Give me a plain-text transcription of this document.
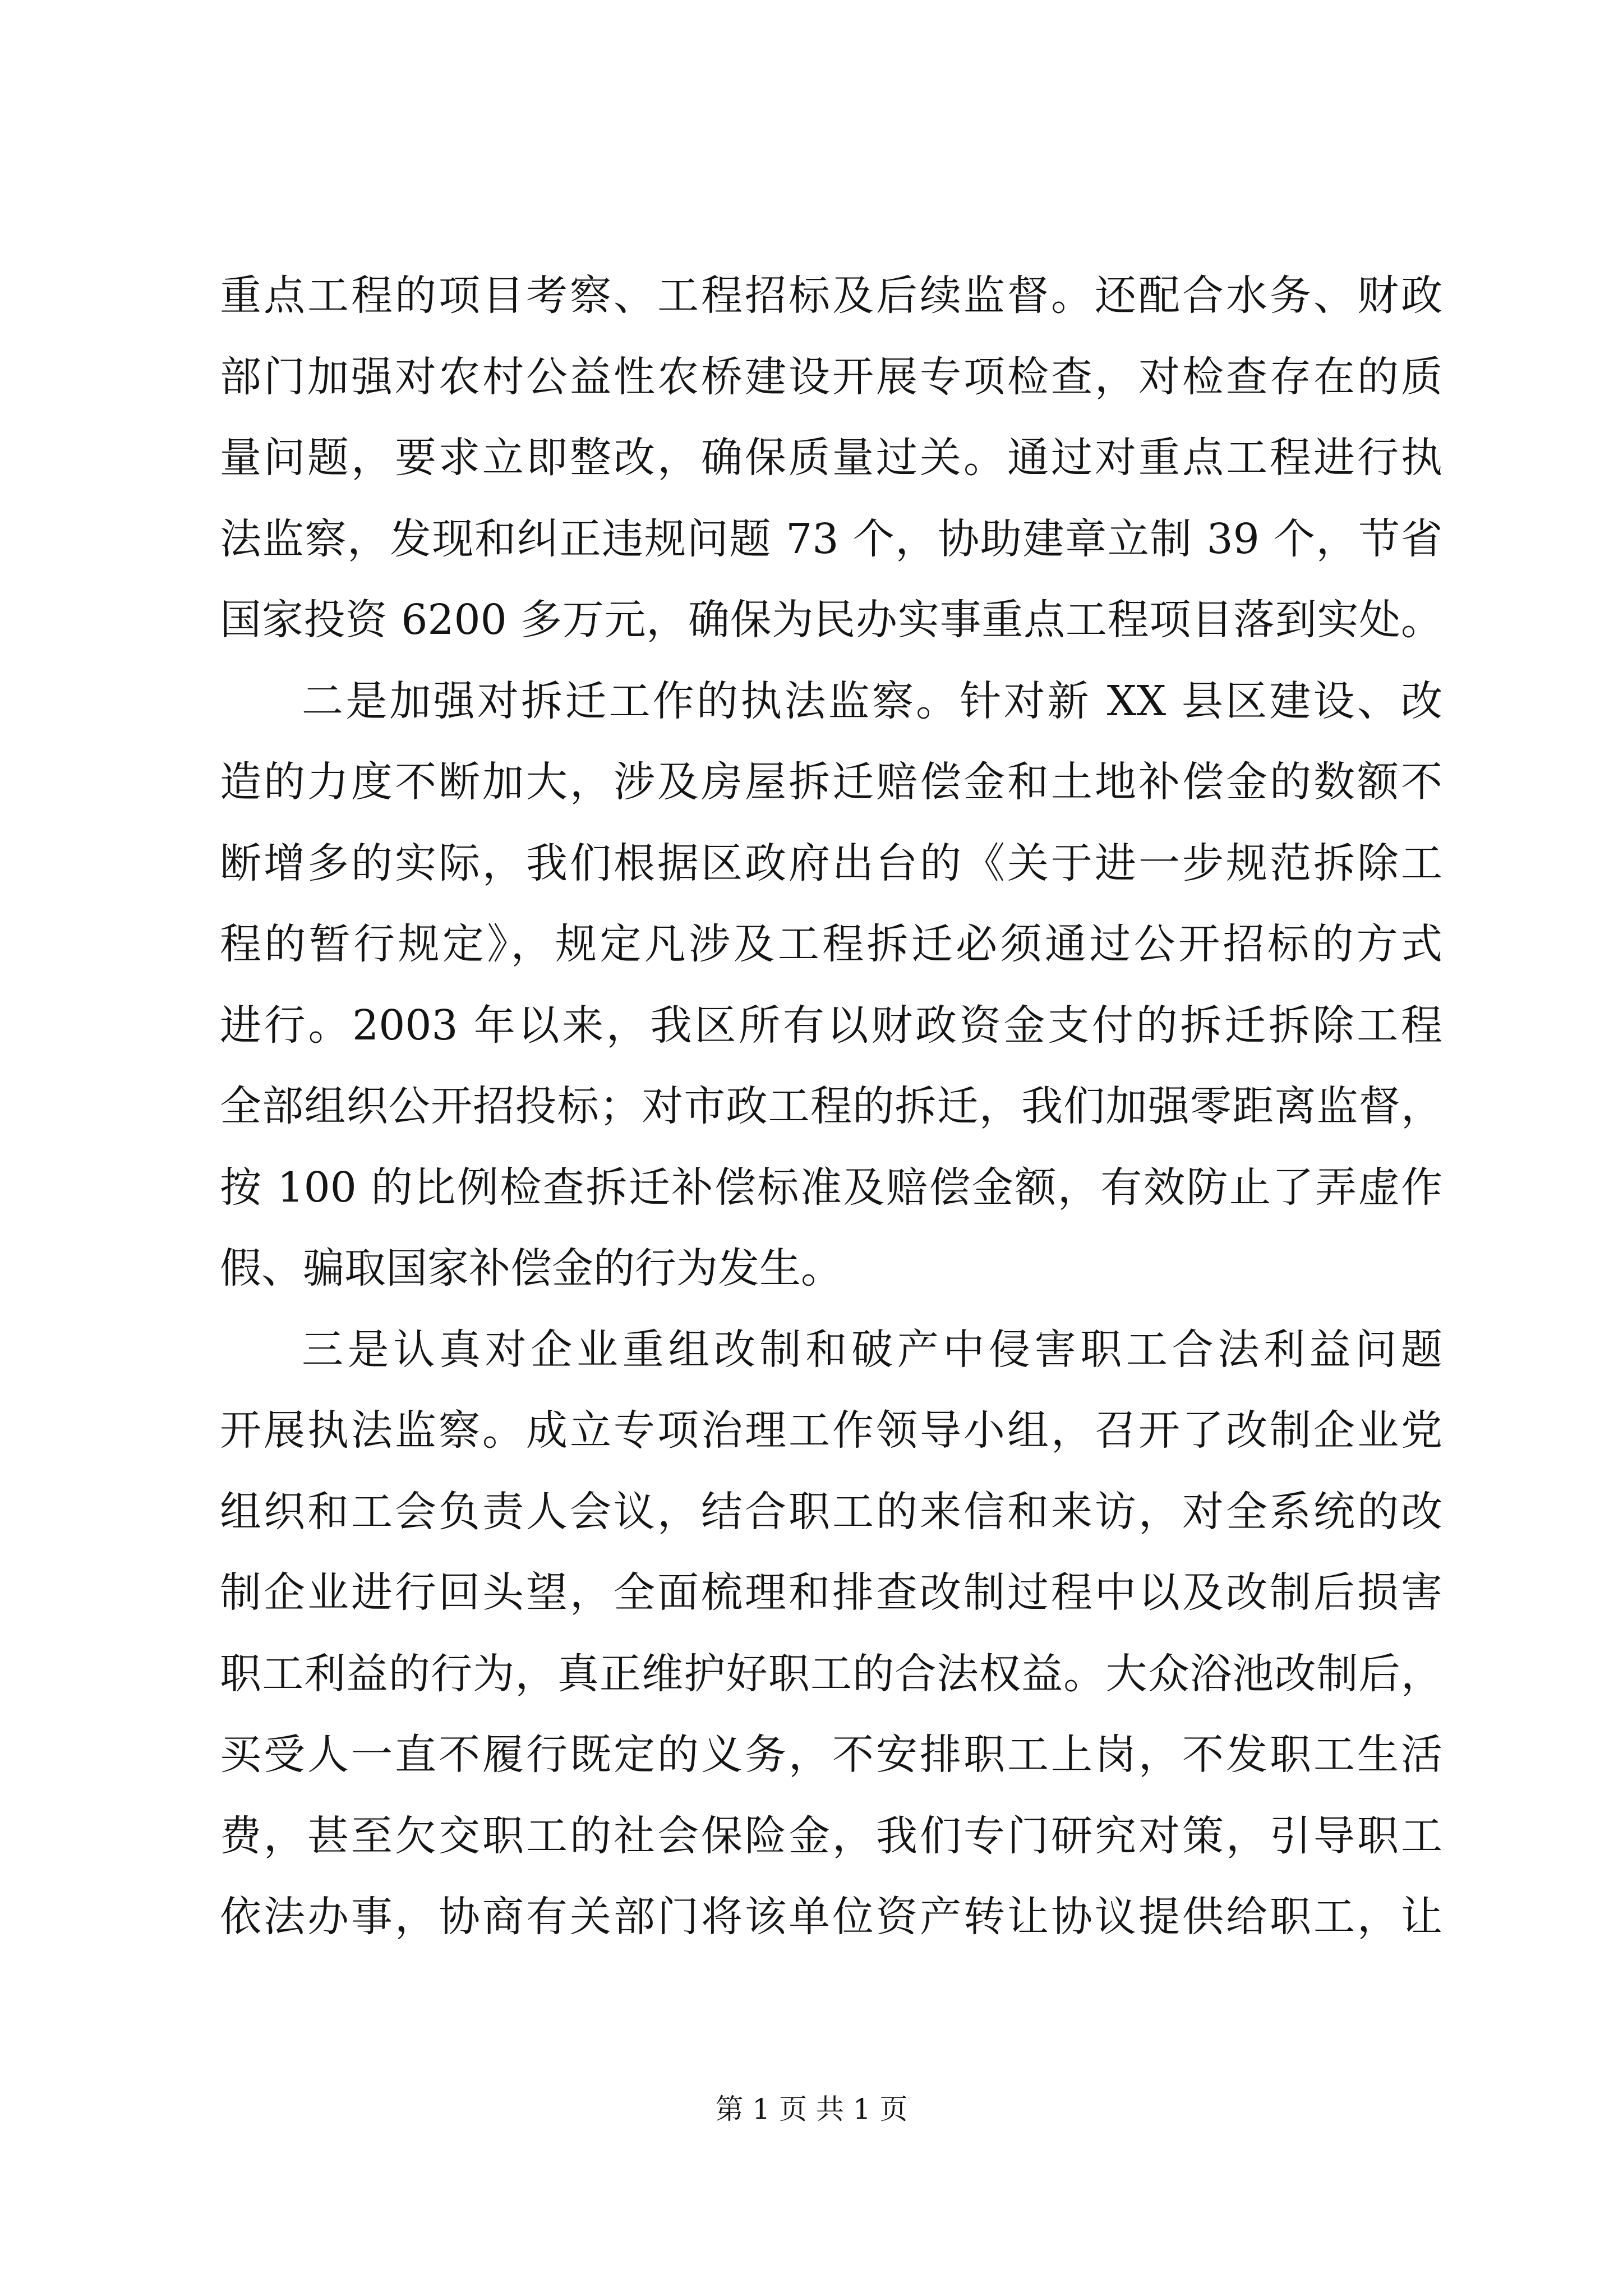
重点工程的项目考察、工程招标及后续监督。还配合水务、财政
部门加强对农村公益性农桥建设开展专项检查，对检查存在的质
量问题，要求立即整改，确保质量过关。通过对重点工程进行执
法监察，发现和纠正违规问题 73 个，协助建章立制 39 个，节省
国家投资 6200 多万元，确保为民办实事重点工程项目落到实处。
二是加强对拆迁工作的执法监察。针对新 XX 县区建设、改
造的力度不断加大，涉及房屋拆迁赔偿金和土地补偿金的数额不
断增多的实际，我们根据区政府出台的《关于进一步规范拆除工
程的暂行规定》，规定凡涉及工程拆迁必须通过公开招标的方式
进行。2003 年以来，我区所有以财政资金支付的拆迁拆除工程
全部组织公开招投标；对市政工程的拆迁，我们加强零距离监督，
按 100 的比例检查拆迁补偿标准及赔偿金额，有效防止了弄虚作
假、骗取国家补偿金的行为发生。
三是认真对企业重组改制和破产中侵害职工合法利益问题
开展执法监察。成立专项治理工作领导小组，召开了改制企业党
组织和工会负责人会议，结合职工的来信和来访，对全系统的改
制企业进行回头望，全面梳理和排查改制过程中以及改制后损害
职工利益的行为，真正维护好职工的合法权益。大众浴池改制后，
买受人一直不履行既定的义务，不安排职工上岗，不发职工生活
费，甚至欠交职工的社会保险金，我们专门研究对策，引导职工
依法办事，协商有关部门将该单位资产转让协议提供给职工，让
第 1 页 共 1 页
